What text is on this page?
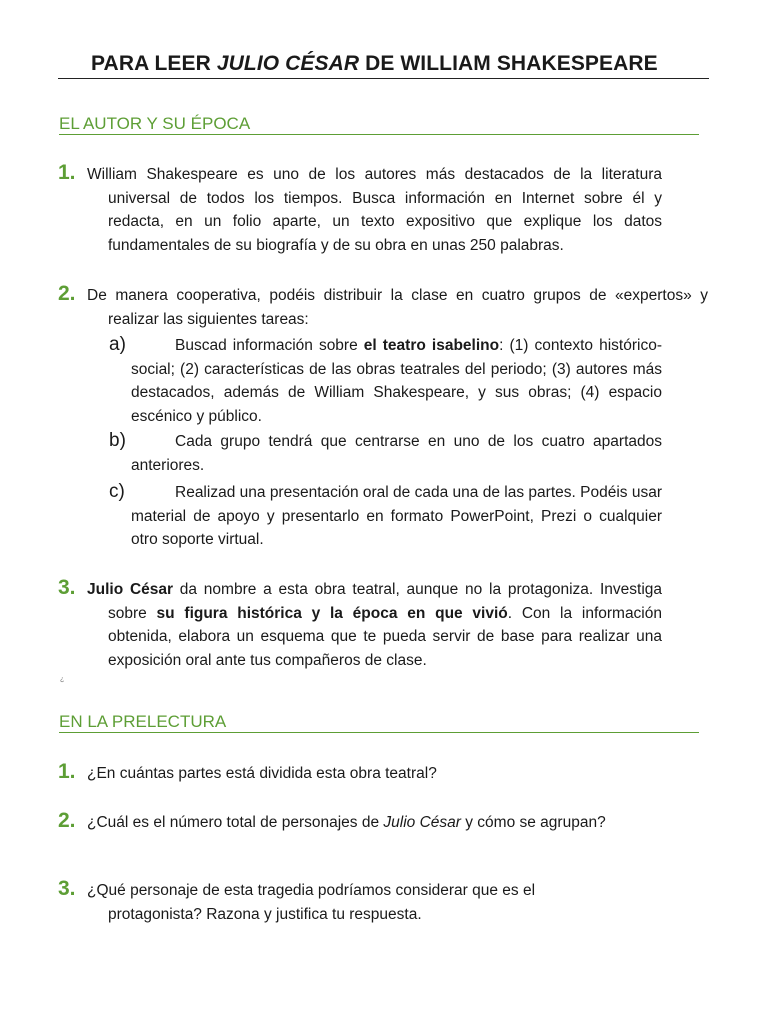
PARA LEER JULIO CÉSAR DE WILLIAM SHAKESPEARE
EL AUTOR Y SU ÉPOCA

1. William Shakespeare es uno de los autores más destacados de la literatura universal de todos los tiempos. Busca información en Internet sobre él y redacta, en un folio aparte, un texto expositivo que explique los datos fundamentales de su biografía y de su obra en unas 250 palabras.

2. De manera cooperativa, podéis distribuir la clase en cuatro grupos de «expertos» y realizar las siguientes tareas:

a)	Buscad información sobre el teatro isabelino: (1) contexto histórico-social; (2) características de las obras teatrales del periodo; (3) autores más destacados, además de William Shakespeare, y sus obras; (4) espacio escénico y público.

b)	Cada grupo tendrá que centrarse en uno de los cuatro apartados anteriores.

c)	Realizad una presentación oral de cada una de las partes. Podéis usar material de apoyo y presentarlo en formato PowerPoint, Prezi o cualquier otro soporte virtual.

3. Julio César da nombre a esta obra teatral, aunque no la protagoniza. Investiga sobre su figura histórica y la época en que vivió. Con la información obtenida, elabora un esquema que te pueda servir de base para realizar una exposición oral ante tus compañeros de clase.

¿
EN LA PRELECTURA

1. ¿En cuántas partes está dividida esta obra teatral?

2. ¿Cuál es el número total de personajes de Julio César y cómo se agrupan?

3. ¿Qué personaje de esta tragedia podríamos considerar que es el protagonista? Razona y justifica tu respuesta.
